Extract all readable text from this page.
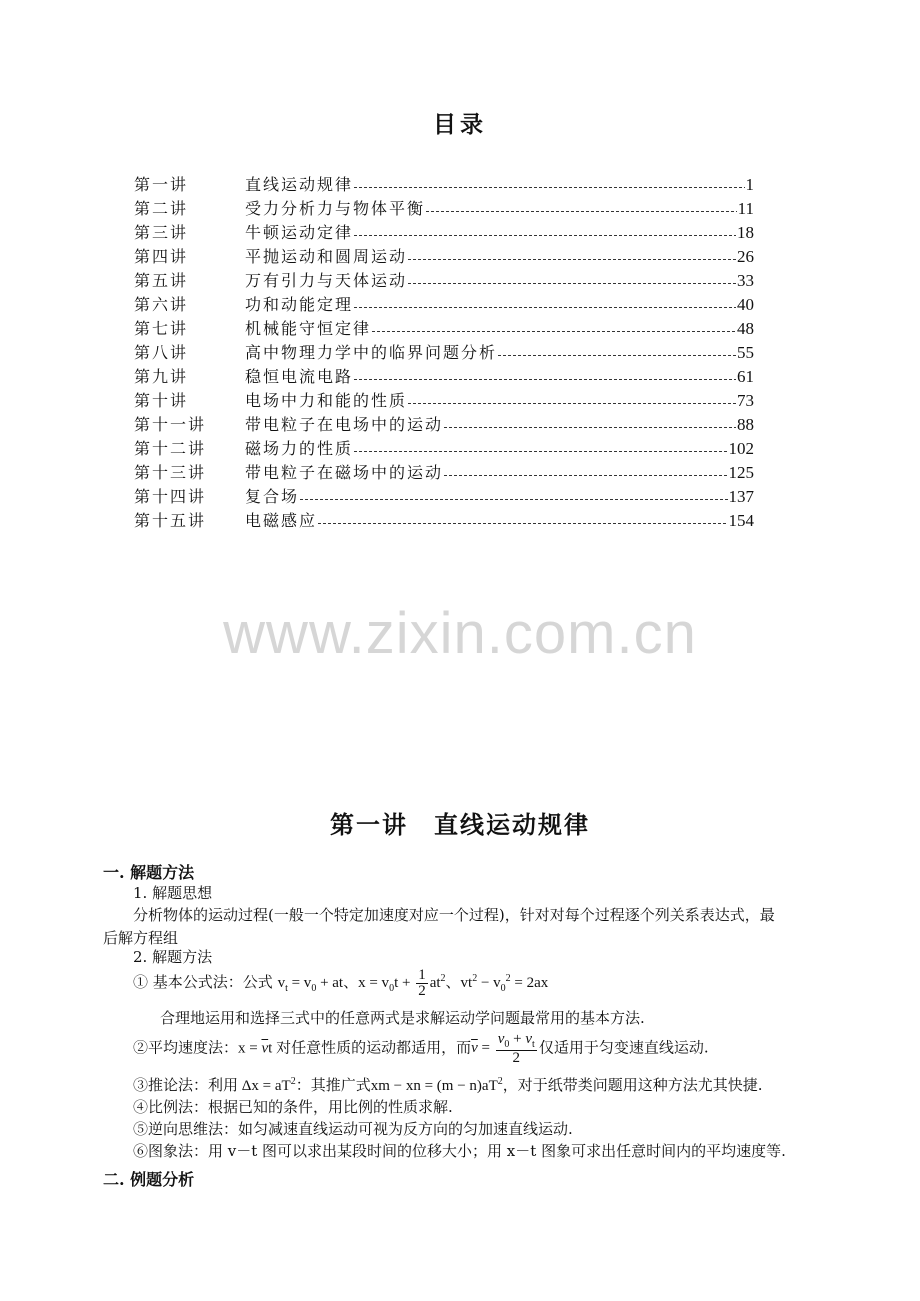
目录
第一讲	直线运动规律	1
第二讲	受力分析力与物体平衡	11
第三讲	牛顿运动定律	18
第四讲	平抛运动和圆周运动	26
第五讲	万有引力与天体运动	33
第六讲	功和动能定理	40
第七讲	机械能守恒定律	48
第八讲	高中物理力学中的临界问题分析	55
第九讲	稳恒电流电路	61
第十讲	电场中力和能的性质	73
第十一讲	带电粒子在电场中的运动	88
第十二讲	磁场力的性质	102
第十三讲	带电粒子在磁场中的运动	125
第十四讲	复合场	137
第十五讲	电磁感应	154
www.zixin.com.cn
第一讲　直线运动规律
一. 解题方法
1. 解题思想
分析物体的运动过程(一般一个特定加速度对应一个过程)，针对对每个过程逐个列关系表达式，最
后解方程组
2. 解题方法
① 基本公式法：公式 $v_t = v_0$ + at、$x = v_0t + \frac{1}{2} at^2$、$vt^2 - v_0^2 = 2ax$
合理地运用和选择三式中的任意两式是求解运动学问题最常用的基本方法.
②平均速度法：$x = \overline{v}t$ 对任意性质的运动都适用，而$\overline{v} = \frac{v_0 + v_t}{2}$ 仅适用于匀变速直线运动.
③推论法：利用 $\Delta x = aT^2$：其推广式xm − xn = $(m - n)aT^2$，对于纸带类问题用这种方法尤其快捷.
④比例法：根据已知的条件，用比例的性质求解.
⑤逆向思维法：如匀减速直线运动可视为反方向的匀加速直线运动.
⑥图象法：用 v－t 图可以求出某段时间的位移大小；用 x－t 图象可求出任意时间内的平均速度等.
二. 例题分析
